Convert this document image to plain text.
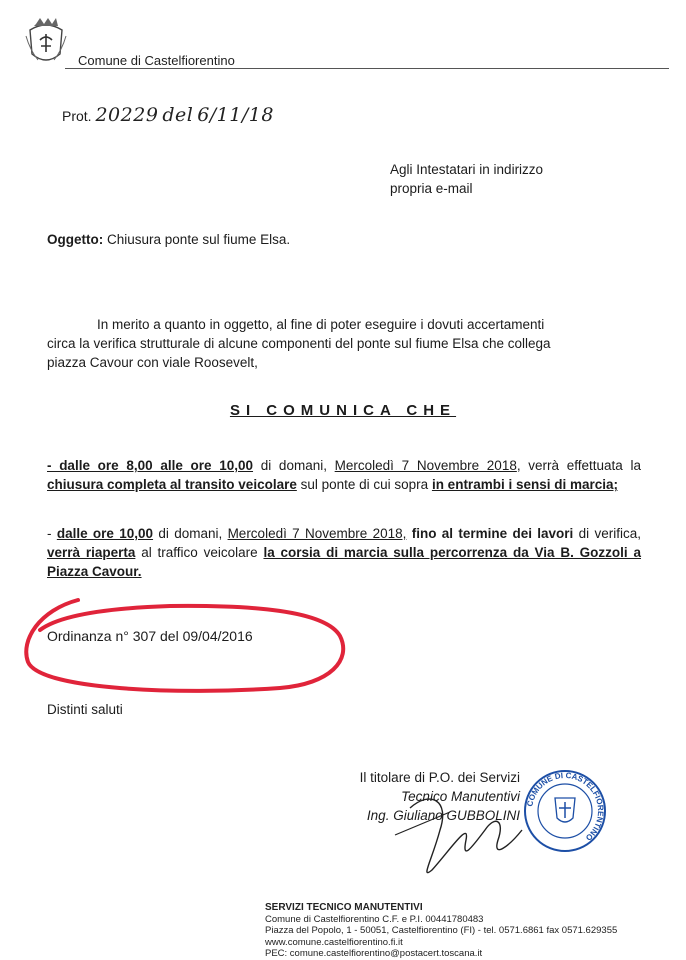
Comune di Castelfiorentino
Prot. 20229 del 6/11/18
Agli Intestatari in indirizzo
propria e-mail
Oggetto: Chiusura ponte sul fiume Elsa.
In merito a quanto in oggetto, al fine di poter eseguire i dovuti accertamenti
circa la verifica strutturale di alcune componenti del ponte sul fiume Elsa che collega
piazza Cavour con viale Roosevelt,
SI COMUNICA CHE
- dalle ore 8,00 alle ore 10,00 di domani, Mercoledì 7 Novembre 2018, verrà effettuata la chiusura completa al transito veicolare sul ponte di cui sopra in entrambi i sensi di marcia;
- dalle ore 10,00 di domani, Mercoledì 7 Novembre 2018, fino al termine dei lavori di verifica, verrà riaperta al traffico veicolare la corsia di marcia sulla percorrenza da Via B. Gozzoli a Piazza Cavour.
Ordinanza n° 307 del 09/04/2016
Distinti saluti
Il titolare di P.O. dei Servizi
Tecnico Manutentivi
Ing. Giuliano GUBBOLINI
COMUNE DI CASTELFIORENTINO
SERVIZI TECNICO MANUTENTIVI
Comune di Castelfiorentino C.F. e P.I. 00441780483
Piazza del Popolo, 1 - 50051, Castelfiorentino (FI) - tel. 0571.6861 fax 0571.629355
www.comune.castelfiorentino.fi.it
PEC: comune.castelfiorentino@postacert.toscana.it
